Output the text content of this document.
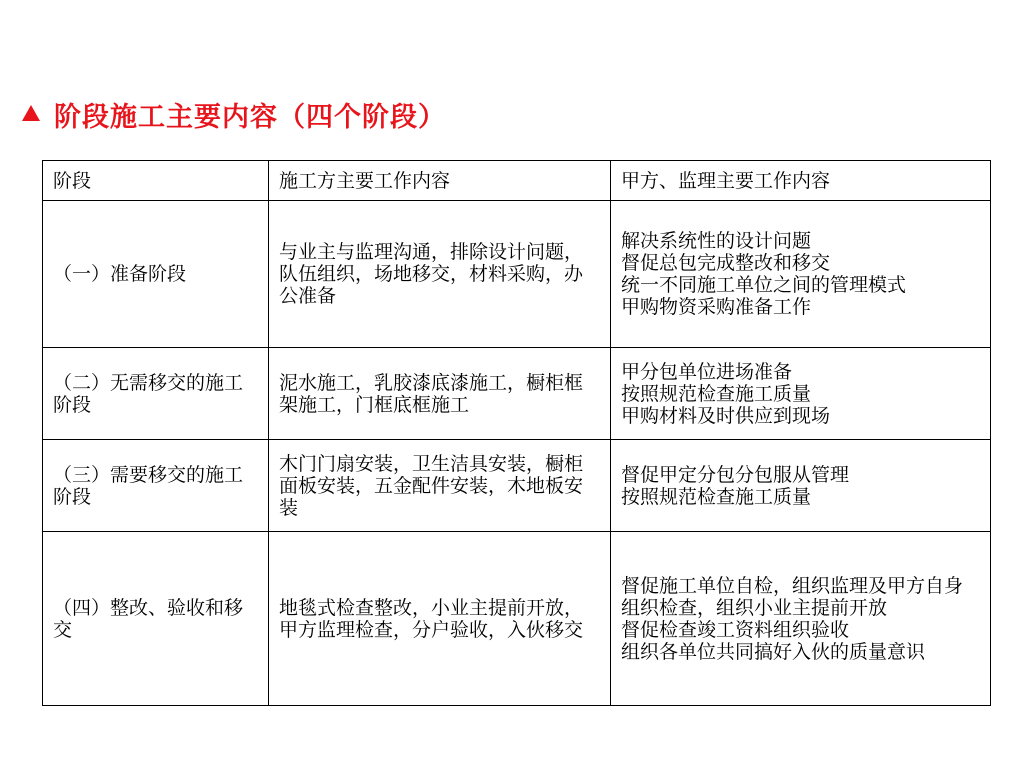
阶段施工主要内容（四个阶段）
阶段	施工方主要工作内容	甲方、监理主要工作内容
（一）准备阶段	与业主与监理沟通，排除设计问题，队伍组织，场地移交，材料采购，办公准备	解决系统性的设计问题
督促总包完成整改和移交
统一不同施工单位之间的管理模式
甲购物资采购准备工作

（二）无需移交的施工阶段	泥水施工，乳胶漆底漆施工，橱柜框架施工，门框底框施工	甲分包单位进场准备
按照规范检查施工质量
甲购材料及时供应到现场

（三）需要移交的施工阶段	木门门扇安装，卫生洁具安装，橱柜面板安装，五金配件安装，木地板安装	督促甲定分包分包服从管理
按照规范检查施工质量

（四）整改、验收和移交	地毯式检查整改，小业主提前开放，甲方监理检查，分户验收，入伙移交	督促施工单位自检，组织监理及甲方自身组织检查，组织小业主提前开放
督促检查竣工资料组织验收
组织各单位共同搞好入伙的质量意识
